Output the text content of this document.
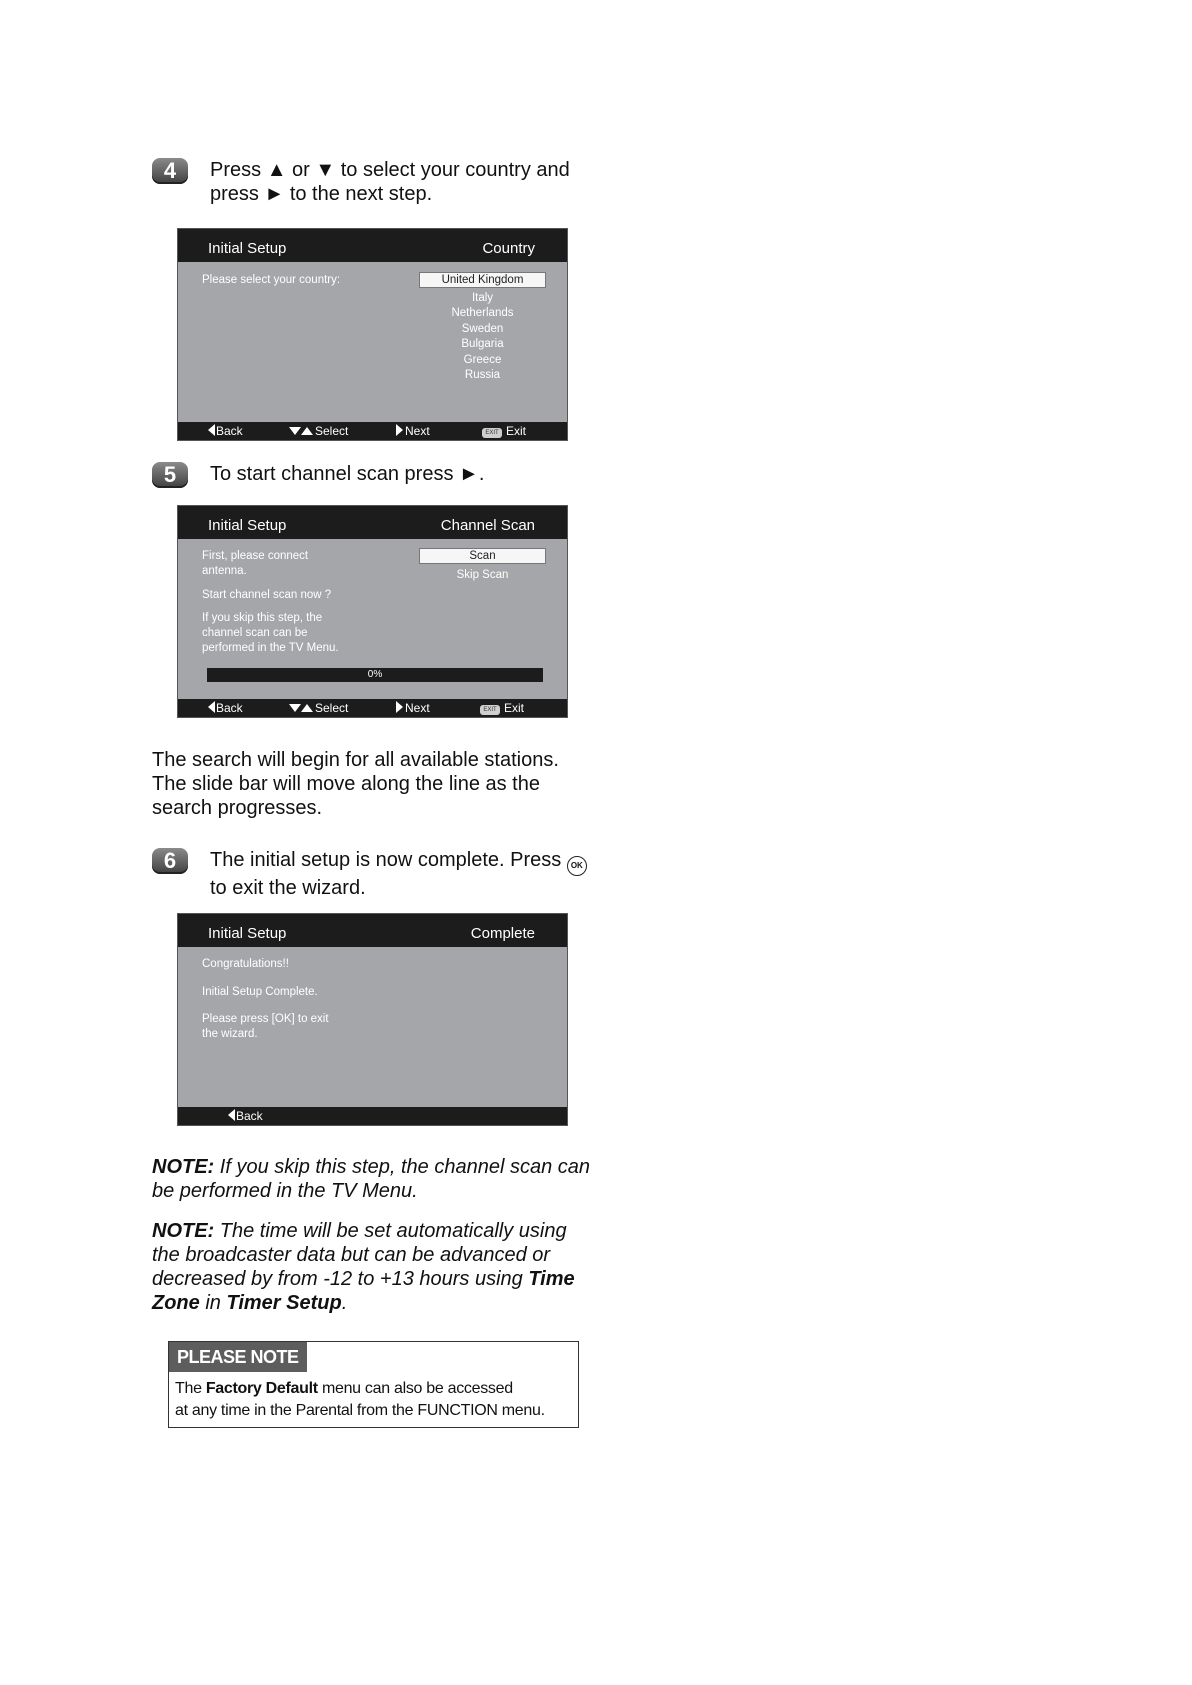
4	Press ▲ or ▼ to select your country and
press ► to the next step.
Initial Setup	Country
Please select your country:	United Kingdom
Italy
Netherlands
Sweden
Bulgaria
Greece
Russia
Back	Select	Next	EXIT Exit
5	To start channel scan press ►.
Initial Setup	Channel Scan
First, please connect
antenna.
Start channel scan now ?
If you skip this step, the
channel scan can be
performed in the TV Menu.
Scan
Skip Scan
0%
Back	Select	Next	EXIT Exit

The search will begin for all available stations.
The slide bar will move along the line as the
search progresses.

6	The initial setup is now complete. Press OK
to exit the wizard.
Initial Setup	Complete
Congratulations!!
Initial Setup Complete.
Please press [OK] to exit
the wizard.
Back

NOTE: If you skip this step, the channel scan can
be performed in the TV Menu.

NOTE: The time will be set automatically using
the broadcaster data but can be advanced or
decreased by from -12 to +13 hours using Time
Zone in Timer Setup.

PLEASE NOTE
The Factory Default menu can also be accessed
at any time in the Parental from the FUNCTION menu.
